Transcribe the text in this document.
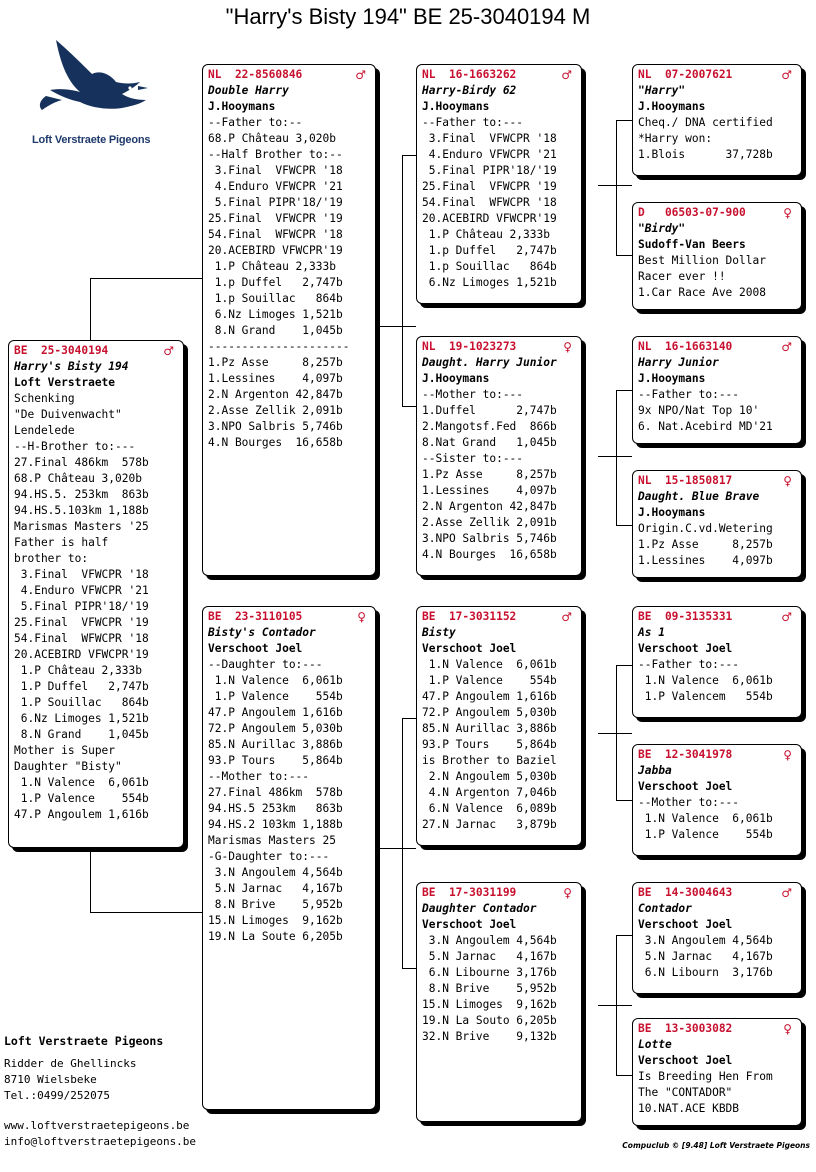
"Harry's Bisty 194" BE 25-3040194 M
Loft Verstraete Pigeons
BE  25-3040194	♂
Harry's Bisty 194
Loft Verstraete
Schenking
"De Duivenwacht"
Lendelede
--H-Brother to:---
27.Final 486km  578b
68.P Château 3,020b
94.HS.5. 253km  863b
94.HS.5.103km 1,188b
Marismas Masters '25
Father is half
brother to:
3.Final  VFWCPR '18
4.Enduro VFWCPR '21
5.Final PIPR'18/'19
25.Final  VFWCPR '19
54.Final  WFWCPR '18
20.ACEBIRD VFWCPR'19
1.P Château 2,333b
1.P Duffel   2,747b
1.P Souillac   864b
6.Nz Limoges 1,521b
8.N Grand    1,045b
Mother is Super
Daughter "Bisty"
1.N Valence  6,061b
1.P Valence    554b
47.P Angoulem 1,616b
NL  22-8560846	♂
Double Harry
J.Hooymans
--Father to:--
68.P Château 3,020b
--Half Brother to:--
3.Final  VFWCPR '18
4.Enduro VFWCPR '21
5.Final PIPR'18/'19
25.Final  VFWCPR '19
54.Final  WFWCPR '18
20.ACEBIRD VFWCPR'19
1.P Château 2,333b
1.p Duffel   2,747b
1.p Souillac   864b
6.Nz Limoges 1,521b
8.N Grand    1,045b
---------------------
1.Pz Asse     8,257b
1.Lessines    4,097b
2.N Argenton 42,847b
2.Asse Zellik 2,091b
3.NPO Salbris 5,746b
4.N Bourges  16,658b
BE  23-3110105	♀
Bisty's Contador
Verschoot Joel
--Daughter to:---
1.N Valence  6,061b
1.P Valence    554b
47.P Angoulem 1,616b
72.P Angoulem 5,030b
85.N Aurillac 3,886b
93.P Tours    5,864b
--Mother to:---
27.Final 486km  578b
94.HS.5 253km   863b
94.HS.2 103km 1,188b
Marismas Masters 25
-G-Daughter to:---
3.N Angoulem 4,564b
5.N Jarnac   4,167b
8.N Brive    5,952b
15.N Limoges  9,162b
19.N La Soute 6,205b
NL  16-1663262	♂
Harry-Birdy 62
J.Hooymans
--Father to:---
3.Final  VFWCPR '18
4.Enduro VFWCPR '21
5.Final PIPR'18/'19
25.Final  VFWCPR '19
54.Final  WFWCPR '18
20.ACEBIRD VFWCPR'19
1.P Château 2,333b
1.p Duffel   2,747b
1.p Souillac   864b
6.Nz Limoges 1,521b
NL  19-1023273	♀
Daught. Harry Junior
J.Hooymans
--Mother to:---
1.Duffel      2,747b
2.Mangotsf.Fed  866b
8.Nat Grand   1,045b
--Sister to:---
1.Pz Asse     8,257b
1.Lessines    4,097b
2.N Argenton 42,847b
2.Asse Zellik 2,091b
3.NPO Salbris 5,746b
4.N Bourges  16,658b
BE  17-3031152	♂
Bisty
Verschoot Joel
1.N Valence  6,061b
1.P Valence    554b
47.P Angoulem 1,616b
72.P Angoulem 5,030b
85.N Aurillac 3,886b
93.P Tours    5,864b
is Brother to Baziel
2.N Angoulem 5,030b
4.N Argenton 7,046b
6.N Valence  6,089b
27.N Jarnac   3,879b
BE  17-3031199	♀
Daughter Contador
Verschoot Joel
3.N Angoulem 4,564b
5.N Jarnac   4,167b
6.N Libourne 3,176b
8.N Brive    5,952b
15.N Limoges  9,162b
19.N La Souto 6,205b
32.N Brive    9,132b
NL  07-2007621	♂
"Harry"
J.Hooymans
Cheq./ DNA certified
*Harry won:
1.Blois      37,728b
D   06503-07-900	♀
"Birdy"
Sudoff-Van Beers
Best Million Dollar
Racer ever !!
1.Car Race Ave 2008
NL  16-1663140	♂
Harry Junior
J.Hooymans
--Father to:---
9x NPO/Nat Top 10'
6. Nat.Acebird MD'21
NL  15-1850817	♀
Daught. Blue Brave
J.Hooymans
Origin.C.vd.Wetering
1.Pz Asse     8,257b
1.Lessines    4,097b
BE  09-3135331	♂
As 1
Verschoot Joel
--Father to:---
1.N Valence  6,061b
1.P Valencem   554b
BE  12-3041978	♀
Jabba
Verschoot Joel
--Mother to:---
1.N Valence  6,061b
1.P Valence    554b
BE  14-3004643	♂
Contador
Verschoot Joel
3.N Angoulem 4,564b
5.N Jarnac   4,167b
6.N Libourn  3,176b
BE  13-3003082	♀
Lotte
Verschoot Joel
Is Breeding Hen From
The "CONTADOR"
10.NAT.ACE KBDB
Loft Verstraete Pigeons
Ridder de Ghellincks
8710 Wielsbeke
Tel.:0499/252075
www.loftverstraetepigeons.be
info@loftverstraetepigeons.be	Compuclub © [9.48] Loft Verstraete Pigeons
